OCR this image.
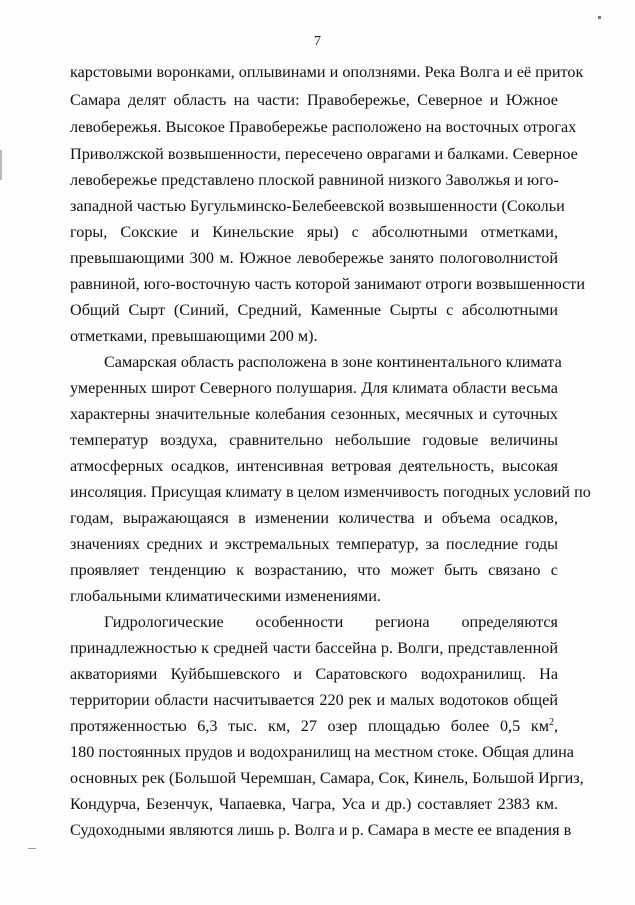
7
карстовыми воронками, оплывинами и оползнями. Река Волга и её приток
Самара делят область на части: Правобережье, Северное и Южное
левобережья. Высокое Правобережье расположено на восточных отрогах
Приволжской возвышенности, пересечено оврагами и балками. Северное
левобережье представлено плоской равниной низкого Заволжья и юго-
западной частью Бугульминско-Белебеевской возвышенности (Сокольи
горы, Сокские и Кинельские яры) с абсолютными отметками,
превышающими 300 м. Южное левобережье занято пологоволнистой
равниной, юго-восточную часть которой занимают отроги возвышенности
Общий Сырт (Синий, Средний, Каменные Сырты с абсолютными
отметками, превышающими 200 м).
Самарская область расположена в зоне континентального климата
умеренных широт Северного полушария. Для климата области весьма
характерны значительные колебания сезонных, месячных и суточных
температур воздуха, сравнительно небольшие годовые величины
атмосферных осадков, интенсивная ветровая деятельность, высокая
инсоляция. Присущая климату в целом изменчивость погодных условий по
годам, выражающаяся в изменении количества и объема осадков,
значениях средних и экстремальных температур, за последние годы
проявляет тенденцию к возрастанию, что может быть связано с
глобальными климатическими изменениями.
Гидрологические особенности региона определяются
принадлежностью к средней части бассейна р. Волги, представленной
акваториями Куйбышевского и Саратовского водохранилищ. На
территории области насчитывается 220 рек и малых водотоков общей
протяженностью 6,3 тыс. км, 27 озер площадью более 0,5 $км^2$,
180 постоянных прудов и водохранилищ на местном стоке. Общая длина
основных рек (Большой Черемшан, Самара, Сок, Кинель, Большой Иргиз,
Кондурча, Безенчук, Чапаевка, Чагра, Уса и др.) составляет 2383 км.
Судоходными являются лишь р. Волга и р. Самара в месте ее впадения в
